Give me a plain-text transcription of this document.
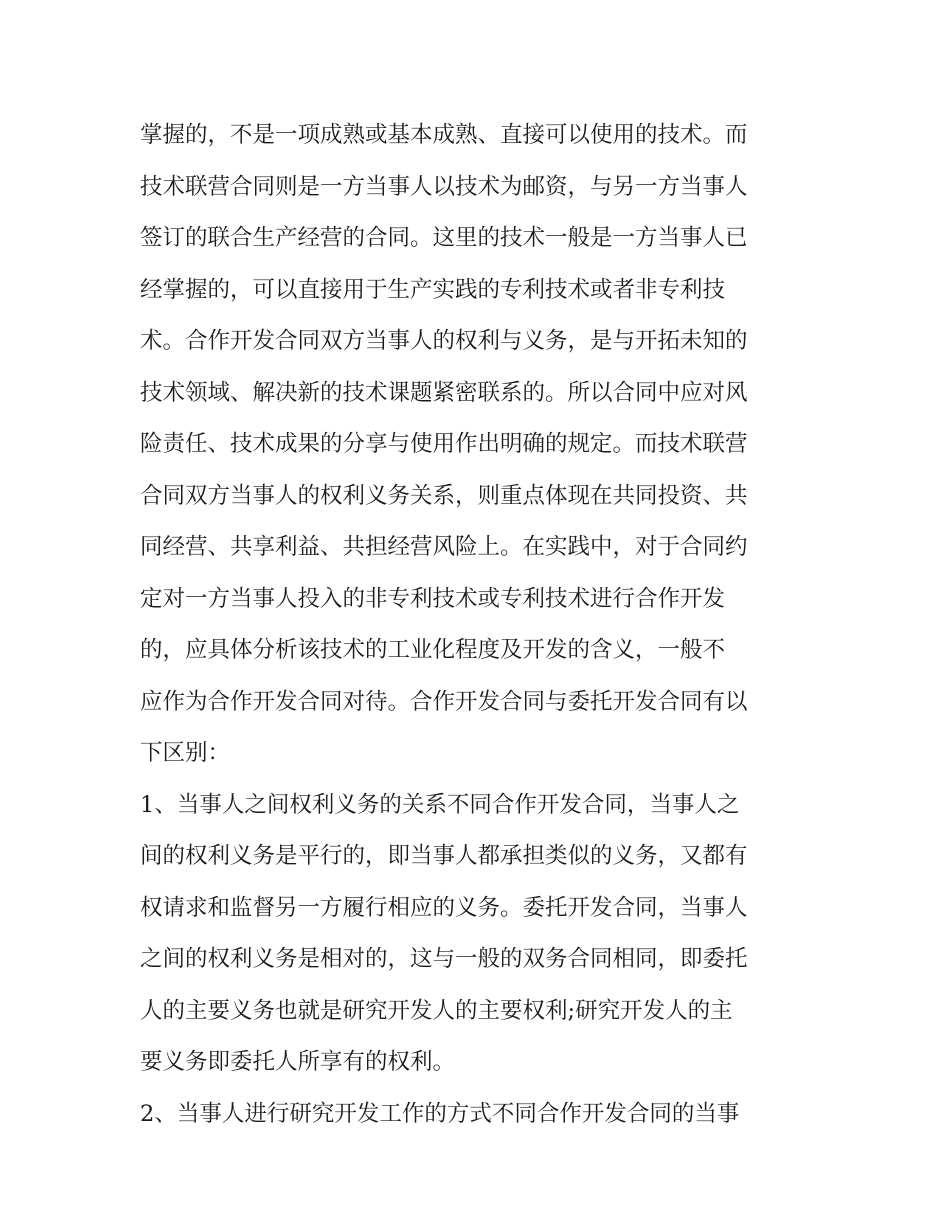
掌握的，不是一项成熟或基本成熟、直接可以使用的技术。而
技术联营合同则是一方当事人以技术为邮资，与另一方当事人
签订的联合生产经营的合同。这里的技术一般是一方当事人已
经掌握的，可以直接用于生产实践的专利技术或者非专利技
术。合作开发合同双方当事人的权利与义务，是与开拓未知的
技术领域、解决新的技术课题紧密联系的。所以合同中应对风
险责任、技术成果的分享与使用作出明确的规定。而技术联营
合同双方当事人的权利义务关系，则重点体现在共同投资、共
同经营、共享利益、共担经营风险上。在实践中，对于合同约
定对一方当事人投入的非专利技术或专利技术进行合作开发
的，应具体分析该技术的工业化程度及开发的含义，一般不
应作为合作开发合同对待。合作开发合同与委托开发合同有以
下区别：
1、当事人之间权利义务的关系不同合作开发合同，当事人之
间的权利义务是平行的，即当事人都承担类似的义务，又都有
权请求和监督另一方履行相应的义务。委托开发合同，当事人
之间的权利义务是相对的，这与一般的双务合同相同，即委托
人的主要义务也就是研究开发人的主要权利;研究开发人的主
要义务即委托人所享有的权利。
2、当事人进行研究开发工作的方式不同合作开发合同的当事
